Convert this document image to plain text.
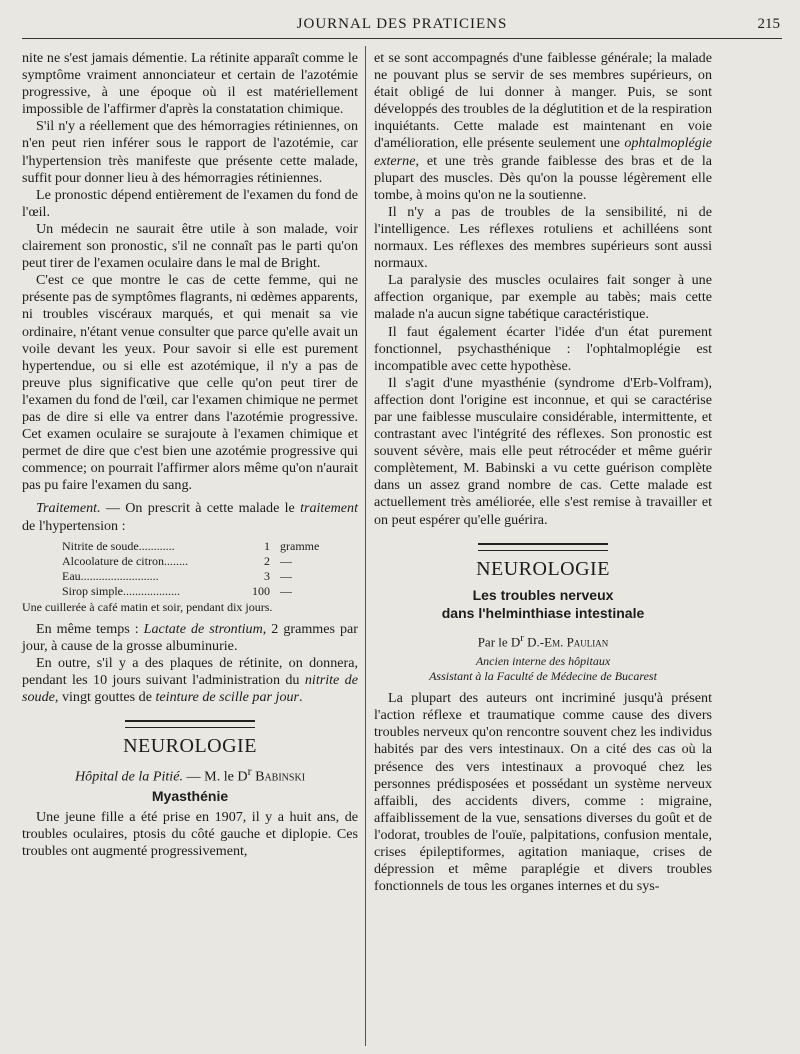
JOURNAL DES PRATICIENS	215

nite ne s'est jamais démentie. La rétinite apparaît comme le symptôme vraiment annonciateur et certain de l'azotémie progressive, à une époque où il est matériellement impossible de l'affirmer d'après la constatation chimique.

S'il n'y a réellement que des hémorragies rétiniennes, on n'en peut rien inférer sous le rapport de l'azotémie, car l'hypertension très manifeste que présente cette malade, suffit pour donner lieu à des hémorragies rétiniennes.

Le pronostic dépend entièrement de l'examen du fond de l'œil.

Un médecin ne saurait être utile à son malade, voir clairement son pronostic, s'il ne connaît pas le parti qu'on peut tirer de l'examen oculaire dans le mal de Bright.

C'est ce que montre le cas de cette femme, qui ne présente pas de symptômes flagrants, ni œdèmes apparents, ni troubles viscéraux marqués, et qui menait sa vie ordinaire, n'étant venue consulter que parce qu'elle avait un voile devant les yeux. Pour savoir si elle est purement hypertendue, ou si elle est azotémique, il n'y a pas de preuve plus significative que celle qu'on peut tirer de l'examen du fond de l'œil, car l'examen chimique ne permet pas de dire si elle va entrer dans l'azotémie progressive. Cet examen oculaire se surajoute à l'examen chimique et permet de dire que c'est bien une azotémie progressive qui commence; on pourrait l'affirmer alors même qu'on n'aurait pas pu faire l'examen du sang.

Traitement. — On prescrit à cette malade le traitement de l'hypertension :

Nitrite de soude............	1 gramme
Alcoolature de citron........	2 —
Eau..........................	3 —
Sirop simple...................	100 —
Une cuillerée à café matin et soir, pendant dix jours.

En même temps : Lactate de strontium, 2 grammes par jour, à cause de la grosse albuminurie.

En outre, s'il y a des plaques de rétinite, on donnera, pendant les 10 jours suivant l'administration du nitrite de soude, vingt gouttes de teinture de scille par jour.

NEUROLOGIE
Hôpital de la Pitié. — M. le $D^r$ Babinski
Myasthénie

Une jeune fille a été prise en 1907, il y a huit ans, de troubles oculaires, ptosis du côté gauche et diplopie. Ces troubles ont augmenté progressivement,

et se sont accompagnés d'une faiblesse générale; la malade ne pouvant plus se servir de ses membres supérieurs, on était obligé de lui donner à manger. Puis, se sont développés des troubles de la déglutition et de la respiration inquiétants. Cette malade est maintenant en voie d'amélioration, elle présente seulement une ophtalmoplégie externe, et une très grande faiblesse des bras et de la plupart des muscles. Dès qu'on la pousse légèrement elle tombe, à moins qu'on ne la soutienne.

Il n'y a pas de troubles de la sensibilité, ni de l'intelligence. Les réflexes rotuliens et achilléens sont normaux. Les réflexes des membres supérieurs sont aussi normaux.

La paralysie des muscles oculaires fait songer à une affection organique, par exemple au tabès; mais cette malade n'a aucun signe tabétique caractéristique.

Il faut également écarter l'idée d'un état purement fonctionnel, psychasthénique : l'ophtalmoplégie est incompatible avec cette hypothèse.

Il s'agit d'une myasthénie (syndrome d'Erb-Volfram), affection dont l'origine est inconnue, et qui se caractérise par une faiblesse musculaire considérable, intermittente, et contrastant avec l'intégrité des réflexes. Son pronostic est souvent sévère, mais elle peut rétrocéder et même guérir complètement, M. Babinski a vu cette guérison complète dans un assez grand nombre de cas. Cette malade est actuellement très améliorée, elle s'est remise à travailler et on peut espérer qu'elle guérira.

NEUROLOGIE
Les troubles nerveux
dans l'helminthiase intestinale
Par le $D^r$ D.-Em. Paulian
Ancien interne des hôpitaux
Assistant à la Faculté de Médecine de Bucarest

La plupart des auteurs ont incriminé jusqu'à présent l'action réflexe et traumatique comme cause des divers troubles nerveux qu'on rencontre souvent chez les individus habités par des vers intestinaux. On a cité des cas où la présence des vers intestinaux a provoqué chez les personnes prédisposées et possédant un système nerveux affaibli, des accidents divers, comme : migraine, affaiblissement de la vue, sensations diverses du goût et de l'odorat, troubles de l'ouïe, palpitations, confusion mentale, crises épileptiformes, agitation maniaque, crises de dépression et même paraplégie et divers troubles fonctionnels de tous les organes internes et du sys-
